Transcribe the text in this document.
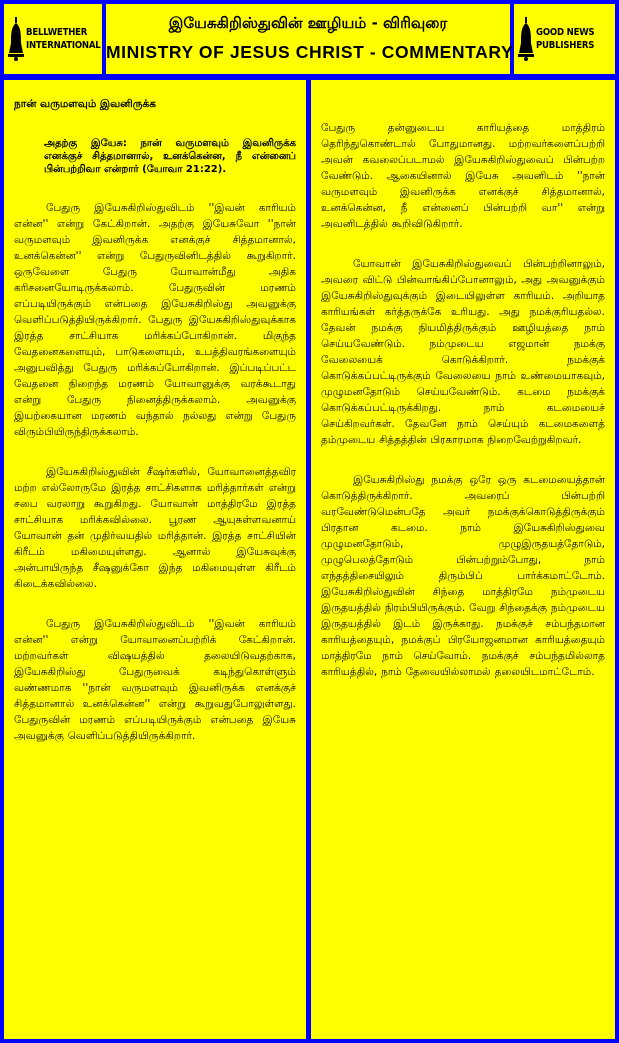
BELLWETHER
INTERNATIONAL
இயேசுகிறிஸ்துவின் ஊழியம் - விரிவுரை
MINISTRY OF JESUS CHRIST - COMMENTARY
GOOD NEWS
PUBLISHERS
நான் வருமளவும் இவனிருக்க
அதற்கு இயேசு: நான் வருமளவும் இவனிருக்க எனக்குச் சித்தமானால், உனக்கென்ன, நீ என்னைப் பின்பற்றிவா என்றார் (யோவா 21:22).

பேதுரு இயேசுகிறிஸ்துவிடம் ''இவன் காரியம் என்ன'' என்று கேட்கிறான். அதற்கு இயேசுவோ ''நான் வருமளவும் இவனிருக்க எனக்குச் சித்தமானால், உனக்கென்ன'' என்று பேதுருவினிடத்தில் கூறுகிறார். ஒருவேளை பேதுரு யோவான்மீது அதிக கரிசனையோடிருக்கலாம். பேதுருவின் மரணம் எப்படியிருக்கும் என்பதை இயேசுகிறிஸ்து அவனுக்கு வெளிப்படுத்தியிருக்கிறார். பேதுரு இயேசுகிறிஸ்துவுக்காக இரத்த சாட்சியாக மரிக்கப்போகிறான். மிகுந்த வேதனைகளையும், பாடுகளையும், உபத்திவரங்களையும் அனுபவித்து பேதுரு மரிக்கப்போகிறான். இப்படிப்பட்ட வேதனை நிறைந்த மரணம் யோவானுக்கு வரக்கூடாது என்று பேதுரு நினைத்திருக்கலாம். அவனுக்கு இயற்கையான மரணம் வந்தால் நல்லது என்று பேதுரு விரும்பியிருந்திருக்கலாம்.

இயேசுகிறிஸ்துவின் சீஷர்களில், யோவானைத்தவிர மற்ற எல்லோருமே இரத்த சாட்சிகளாக மரித்தார்கள் என்று சபை வரலாறு கூறுகிறது. யோவான் மாத்திரமே இரத்த சாட்சியாக மரிக்கவில்லை. பூரண ஆயுசுள்ளவனாய் யோவான் தன் முதிர்வயதில் மரித்தான். இரத்த சாட்சியின் கிரீடம் மகிமையுள்ளது. ஆனால் இயேசுவுக்கு அன்பாயிருந்த சீஷனுக்கோ இந்த மகிமையுள்ள கிரீடம் கிடைக்கவில்லை.

பேதுரு இயேசுகிறிஸ்துவிடம் ''இவன் காரியம் என்ன'' என்று யோவானைப்பற்றிக் கேட்கிறான். மற்றவர்கள் விஷயத்தில் தலையிடுவதற்காக, இயேசுகிறிஸ்து பேதுருவைக் கடிந்துகொள்ளும் வண்ணமாக ''நான் வருமளவும் இவனிருக்க எனக்குச் சித்தமானால் உனக்கென்ன'' என்று கூறுவதுபோலுள்ளது. பேதுருவின் மரணம் எப்படியிருக்கும் என்பதை இயேசு அவனுக்கு வெளிப்படுத்தியிருக்கிறார்.

பேதுரு தன்னுடைய காரியத்தை மாத்திரம் தெரிந்துகொண்டால் போதுமானது. மற்றவர்களைப்பற்றி அவன் கவலைப்படாமல் இயேசுகிறிஸ்துவைப் பின்பற்ற வேண்டும். ஆகையினால் இயேசு அவனிடம் ''நான் வருமளவும் இவனிருக்க எனக்குச் சித்தமானால், உனக்கென்ன, நீ என்னைப் பின்பற்றி வா'' என்று அவனிடத்தில் கூறிவிடுகிறார்.

யோவான் இயேசுகிறிஸ்துவைப் பின்பற்றினாலும், அவரை விட்டு பின்வாங்கிப்போனாலும், அது அவனுக்கும் இயேசுகிறிஸ்துவுக்கும் இடையிலுள்ள காரியம். அறியாத காரியங்கள் கர்த்தருக்கே உரியது. அது நமக்குரியதல்ல. தேவன் நமக்கு நியமித்திருக்கும் ஊழியத்தை நாம் செய்யவேண்டும். நம்முடைய எஜமான் நமக்கு வேலையைக் கொடுக்கிறார். நமக்குக் கொடுக்கப்பட்டிருக்கும் வேலையை நாம் உண்மையாகவும், முழுமனதோடும் செய்யவேண்டும். கடமை நமக்குக் கொடுக்கப்பட்டிருக்கிறது. நாம் கடமையைச் செய்கிறவர்கள். தேவனே நாம் செய்யும் கடமைகளைத் தம்முடைய சித்தத்தின் பிரகாரமாக நிறைவேற்றுகிறவர்.

இயேசுகிறிஸ்து நமக்கு ஒரே ஒரு கடமையைத்தான் கொடுத்திருக்கிறார். அவரைப் பின்பற்றி வரவேண்டுமென்பதே அவர் நமக்குக்கொடுத்திருக்கும் பிரதான கடமை. நாம் இயேசுகிறிஸ்துவை முழுமனதோடும், முழுஇருதயத்தோடும், முழுபெலத்தோடும் பின்பற்றும்போது, நாம் எந்தத்திசையிலும் திரும்பிப் பார்க்கமாட்டோம். இயேசுகிறிஸ்துவின் சிந்தை மாத்திரமே நம்முடைய இருதயத்தில் நிரம்பியிருக்கும். வேறு சிந்தைக்கு நம்முடைய இருதயத்தில் இடம் இருக்காது. நமக்குச் சம்பந்தமான காரியத்தையும், நமக்குப் பிரயோஜனமான காரியத்தையும் மாத்திரமே நாம் செய்வோம். நமக்குச் சம்பந்தமில்லாத காரியத்தில், நாம் தேவையில்லாமல் தலையிடமாட்டோம்.
